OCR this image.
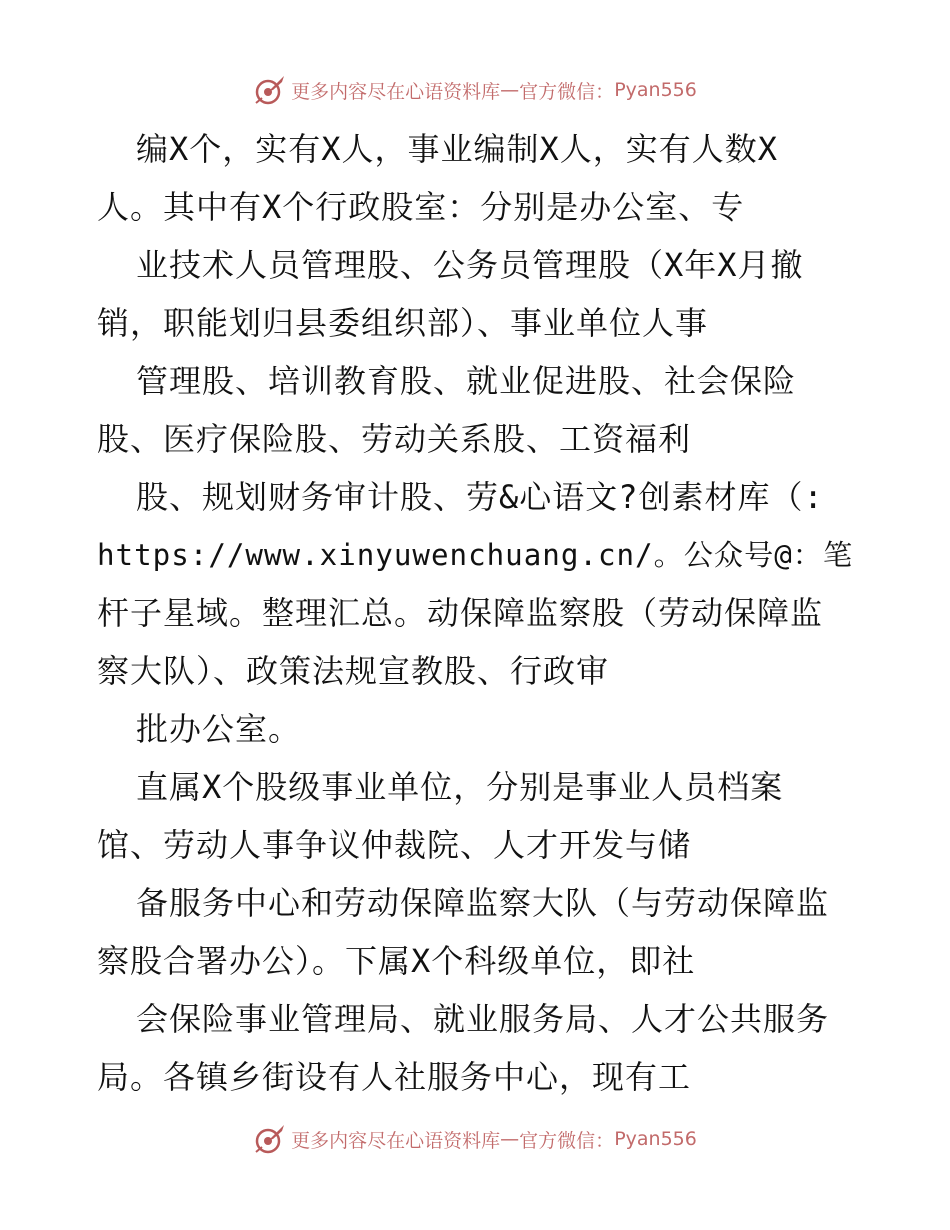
更多内容尽在心语资料库 — 官方微信： Pyan556
编X个，实有X人，事业编制X人，实有人数X
人。其中有X个行政股室：分别是办公室、专
业技术人员管理股、公务员管理股（X年X月撤
销，职能划归县委组织部）、事业单位人事
管理股、培训教育股、就业促进股、社会保险
股、医疗保险股、劳动关系股、工资福利
股、规划财务审计股、劳&心语文?创素材库（:
https://www.xinyuwenchuang.cn/。公众号@：笔
杆子星域。整理汇总。动保障监察股（劳动保障监
察大队）、政策法规宣教股、行政审
批办公室。
直属X个股级事业单位，分别是事业人员档案
馆、劳动人事争议仲裁院、人才开发与储
备服务中心和劳动保障监察大队（与劳动保障监
察股合署办公）。下属X个科级单位，即社
会保险事业管理局、就业服务局、人才公共服务
局。各镇乡街设有人社服务中心，现有工
更多内容尽在心语资料库 — 官方微信： Pyan556
